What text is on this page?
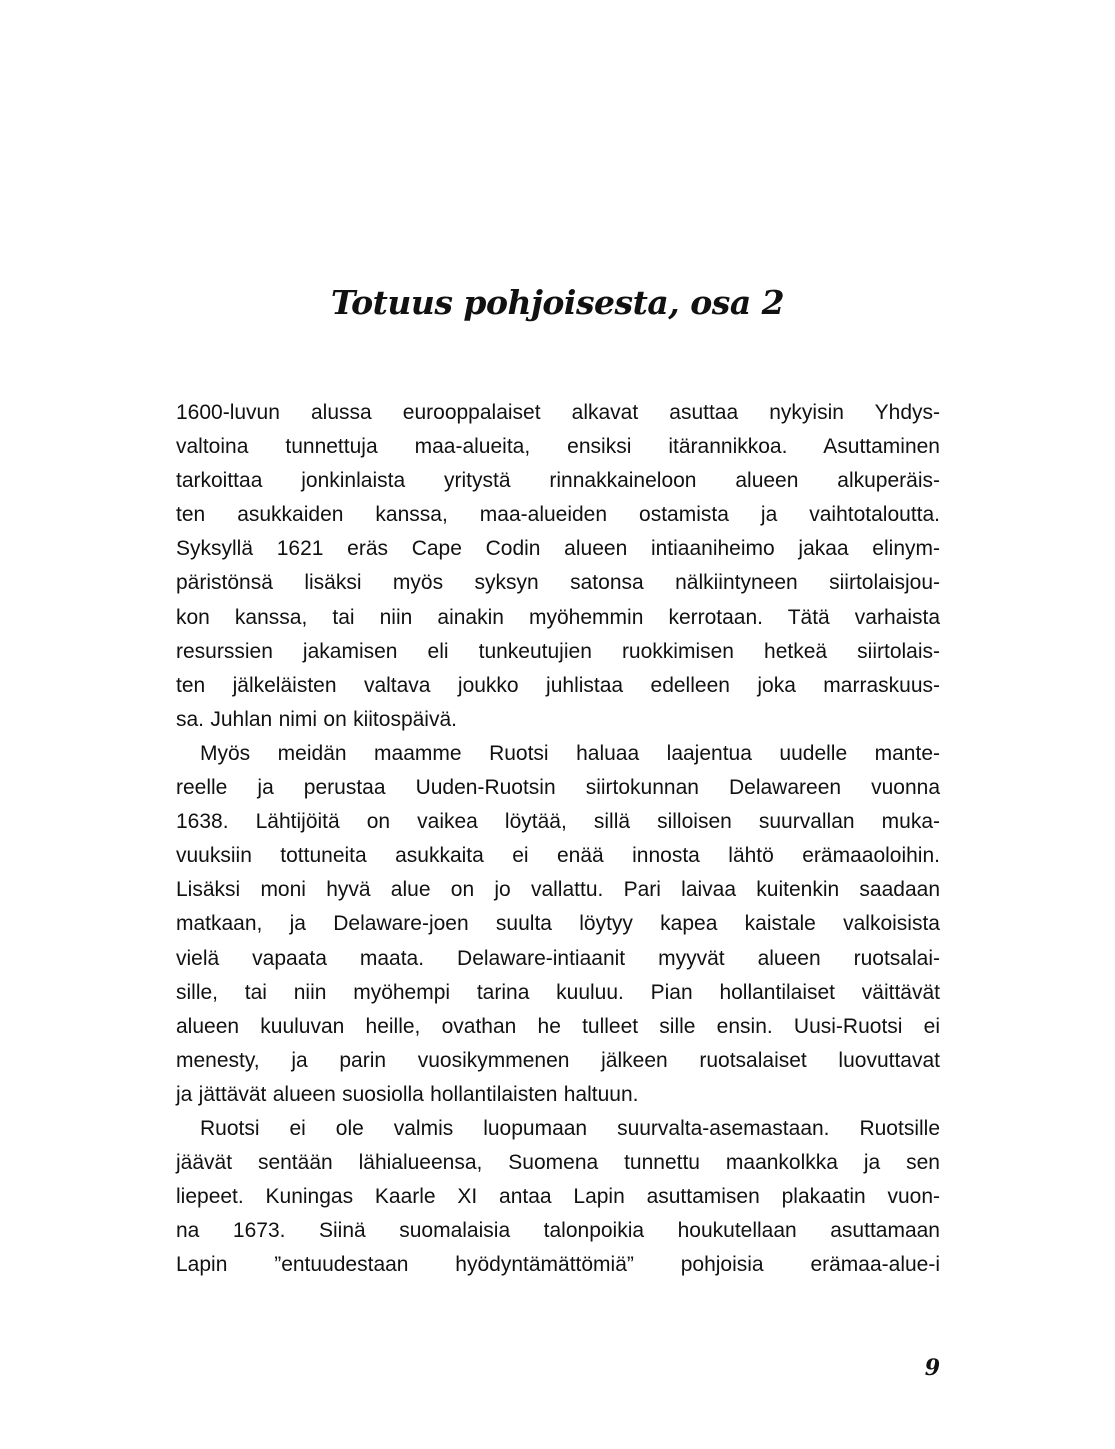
Totuus pohjoisesta, osa 2
1600-luvun alussa eurooppalaiset alkavat asuttaa nykyisin Yhdys-
valtoina tunnettuja maa-alueita, ensiksi itärannikkoa. Asuttaminen
tarkoittaa jonkinlaista yritystä rinnakkaineloon alueen alkuperäis-
ten asukkaiden kanssa, maa-alueiden ostamista ja vaihtotaloutta.
Syksyllä 1621 eräs Cape Codin alueen intiaaniheimo jakaa elinym-
päristönsä lisäksi myös syksyn satonsa nälkiintyneen siirtolaisjou-
kon kanssa, tai niin ainakin myöhemmin kerrotaan. Tätä varhaista
resurssien jakamisen eli tunkeutujien ruokkimisen hetkeä siirtolais-
ten jälkeläisten valtava joukko juhlistaa edelleen joka marraskuus-
sa. Juhlan nimi on kiitospäivä.
Myös meidän maamme Ruotsi haluaa laajentua uudelle mante-
reelle ja perustaa Uuden-Ruotsin siirtokunnan Delawareen vuonna
1638. Lähtijöitä on vaikea löytää, sillä silloisen suurvallan muka-
vuuksiin tottuneita asukkaita ei enää innosta lähtö erämaaoloihin.
Lisäksi moni hyvä alue on jo vallattu. Pari laivaa kuitenkin saadaan
matkaan, ja Delaware-joen suulta löytyy kapea kaistale valkoisista
vielä vapaata maata. Delaware-intiaanit myyvät alueen ruotsalai-
sille, tai niin myöhempi tarina kuuluu. Pian hollantilaiset väittävät
alueen kuuluvan heille, ovathan he tulleet sille ensin. Uusi-Ruotsi ei
menesty, ja parin vuosikymmenen jälkeen ruotsalaiset luovuttavat
ja jättävät alueen suosiolla hollantilaisten haltuun.
Ruotsi ei ole valmis luopumaan suurvalta-asemastaan. Ruotsille
jäävät sentään lähialueensa, Suomena tunnettu maankolkka ja sen
liepeet. Kuningas Kaarle XI antaa Lapin asuttamisen plakaatin vuon-
na 1673. Siinä suomalaisia talonpoikia houkutellaan asuttamaan
Lapin ”entuudestaan hyödyntämättömiä” pohjoisia erämaa-alue-i
9
